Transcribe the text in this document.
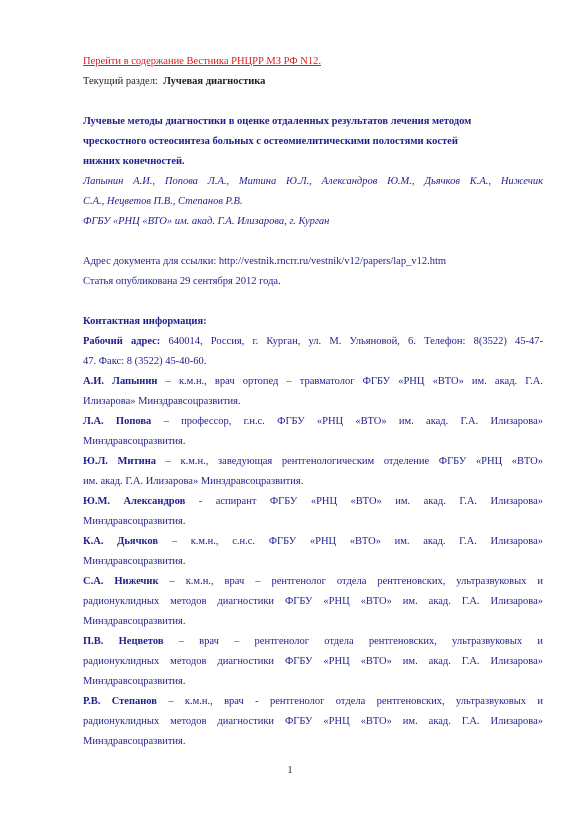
Перейти в содержание Вестника РНЦРР МЗ РФ N12.
Текущий раздел: Лучевая диагностика
Лучевые методы диагностики в оценке отдаленных результатов лечения методом
чрескостного остеосинтеза больных с остеомиелитическими полостями костей
нижних конечностей.
Лапынин А.И., Попова Л.А., Митина Ю.Л., Александров Ю.М., Дьячков К.А., Нижечик
С.А., Нецветов П.В., Степанов Р.В.
ФГБУ «РНЦ «ВТО» им. акад. Г.А. Илизарова, г. Курган
Адрес документа для ссылки: http://vestnik.rncrr.ru/vestnik/v12/papers/lap_v12.htm
Статья опубликована 29 сентября 2012 года.
Контактная информация:
Рабочий адрес: 640014, Россия, г. Курган, ул. М. Ульяновой, 6. Телефон: 8(3522) 45-47-
47. Факс: 8 (3522) 45-40-60.
А.И. Лапынин – к.м.н., врач ортопед – травматолог ФГБУ «РНЦ «ВТО» им. акад. Г.А.
Илизарова» Минздравсоцразвития.
Л.А. Попова – профессор, г.н.с. ФГБУ «РНЦ «ВТО» им. акад. Г.А. Илизарова»
Минздравсоцразвития.
Ю.Л. Митина – к.м.н., заведующая рентгенологическим отделение ФГБУ «РНЦ «ВТО»
им. акад. Г.А. Илизарова» Минздравсоцразвития.
Ю.М. Александров - аспирант ФГБУ «РНЦ «ВТО» им. акад. Г.А. Илизарова»
Минздравсоцразвития.
К.А. Дьячков – к.м.н., с.н.с. ФГБУ «РНЦ «ВТО» им. акад. Г.А. Илизарова»
Минздравсоцразвития.
С.А. Нижечик – к.м.н., врач – рентгенолог отдела рентгеновских, ультразвуковых и
радионуклидных методов диагностики ФГБУ «РНЦ «ВТО» им. акад. Г.А. Илизарова»
Минздравсоцразвития.
П.В. Нецветов – врач – рентгенолог отдела рентгеновских, ультразвуковых и
радионуклидных методов диагностики ФГБУ «РНЦ «ВТО» им. акад. Г.А. Илизарова»
Минздравсоцразвития.
Р.В. Степанов – к.м.н., врач - рентгенолог отдела рентгеновских, ультразвуковых и
радионуклидных методов диагностики ФГБУ «РНЦ «ВТО» им. акад. Г.А. Илизарова»
Минздравсоцразвития.
1
